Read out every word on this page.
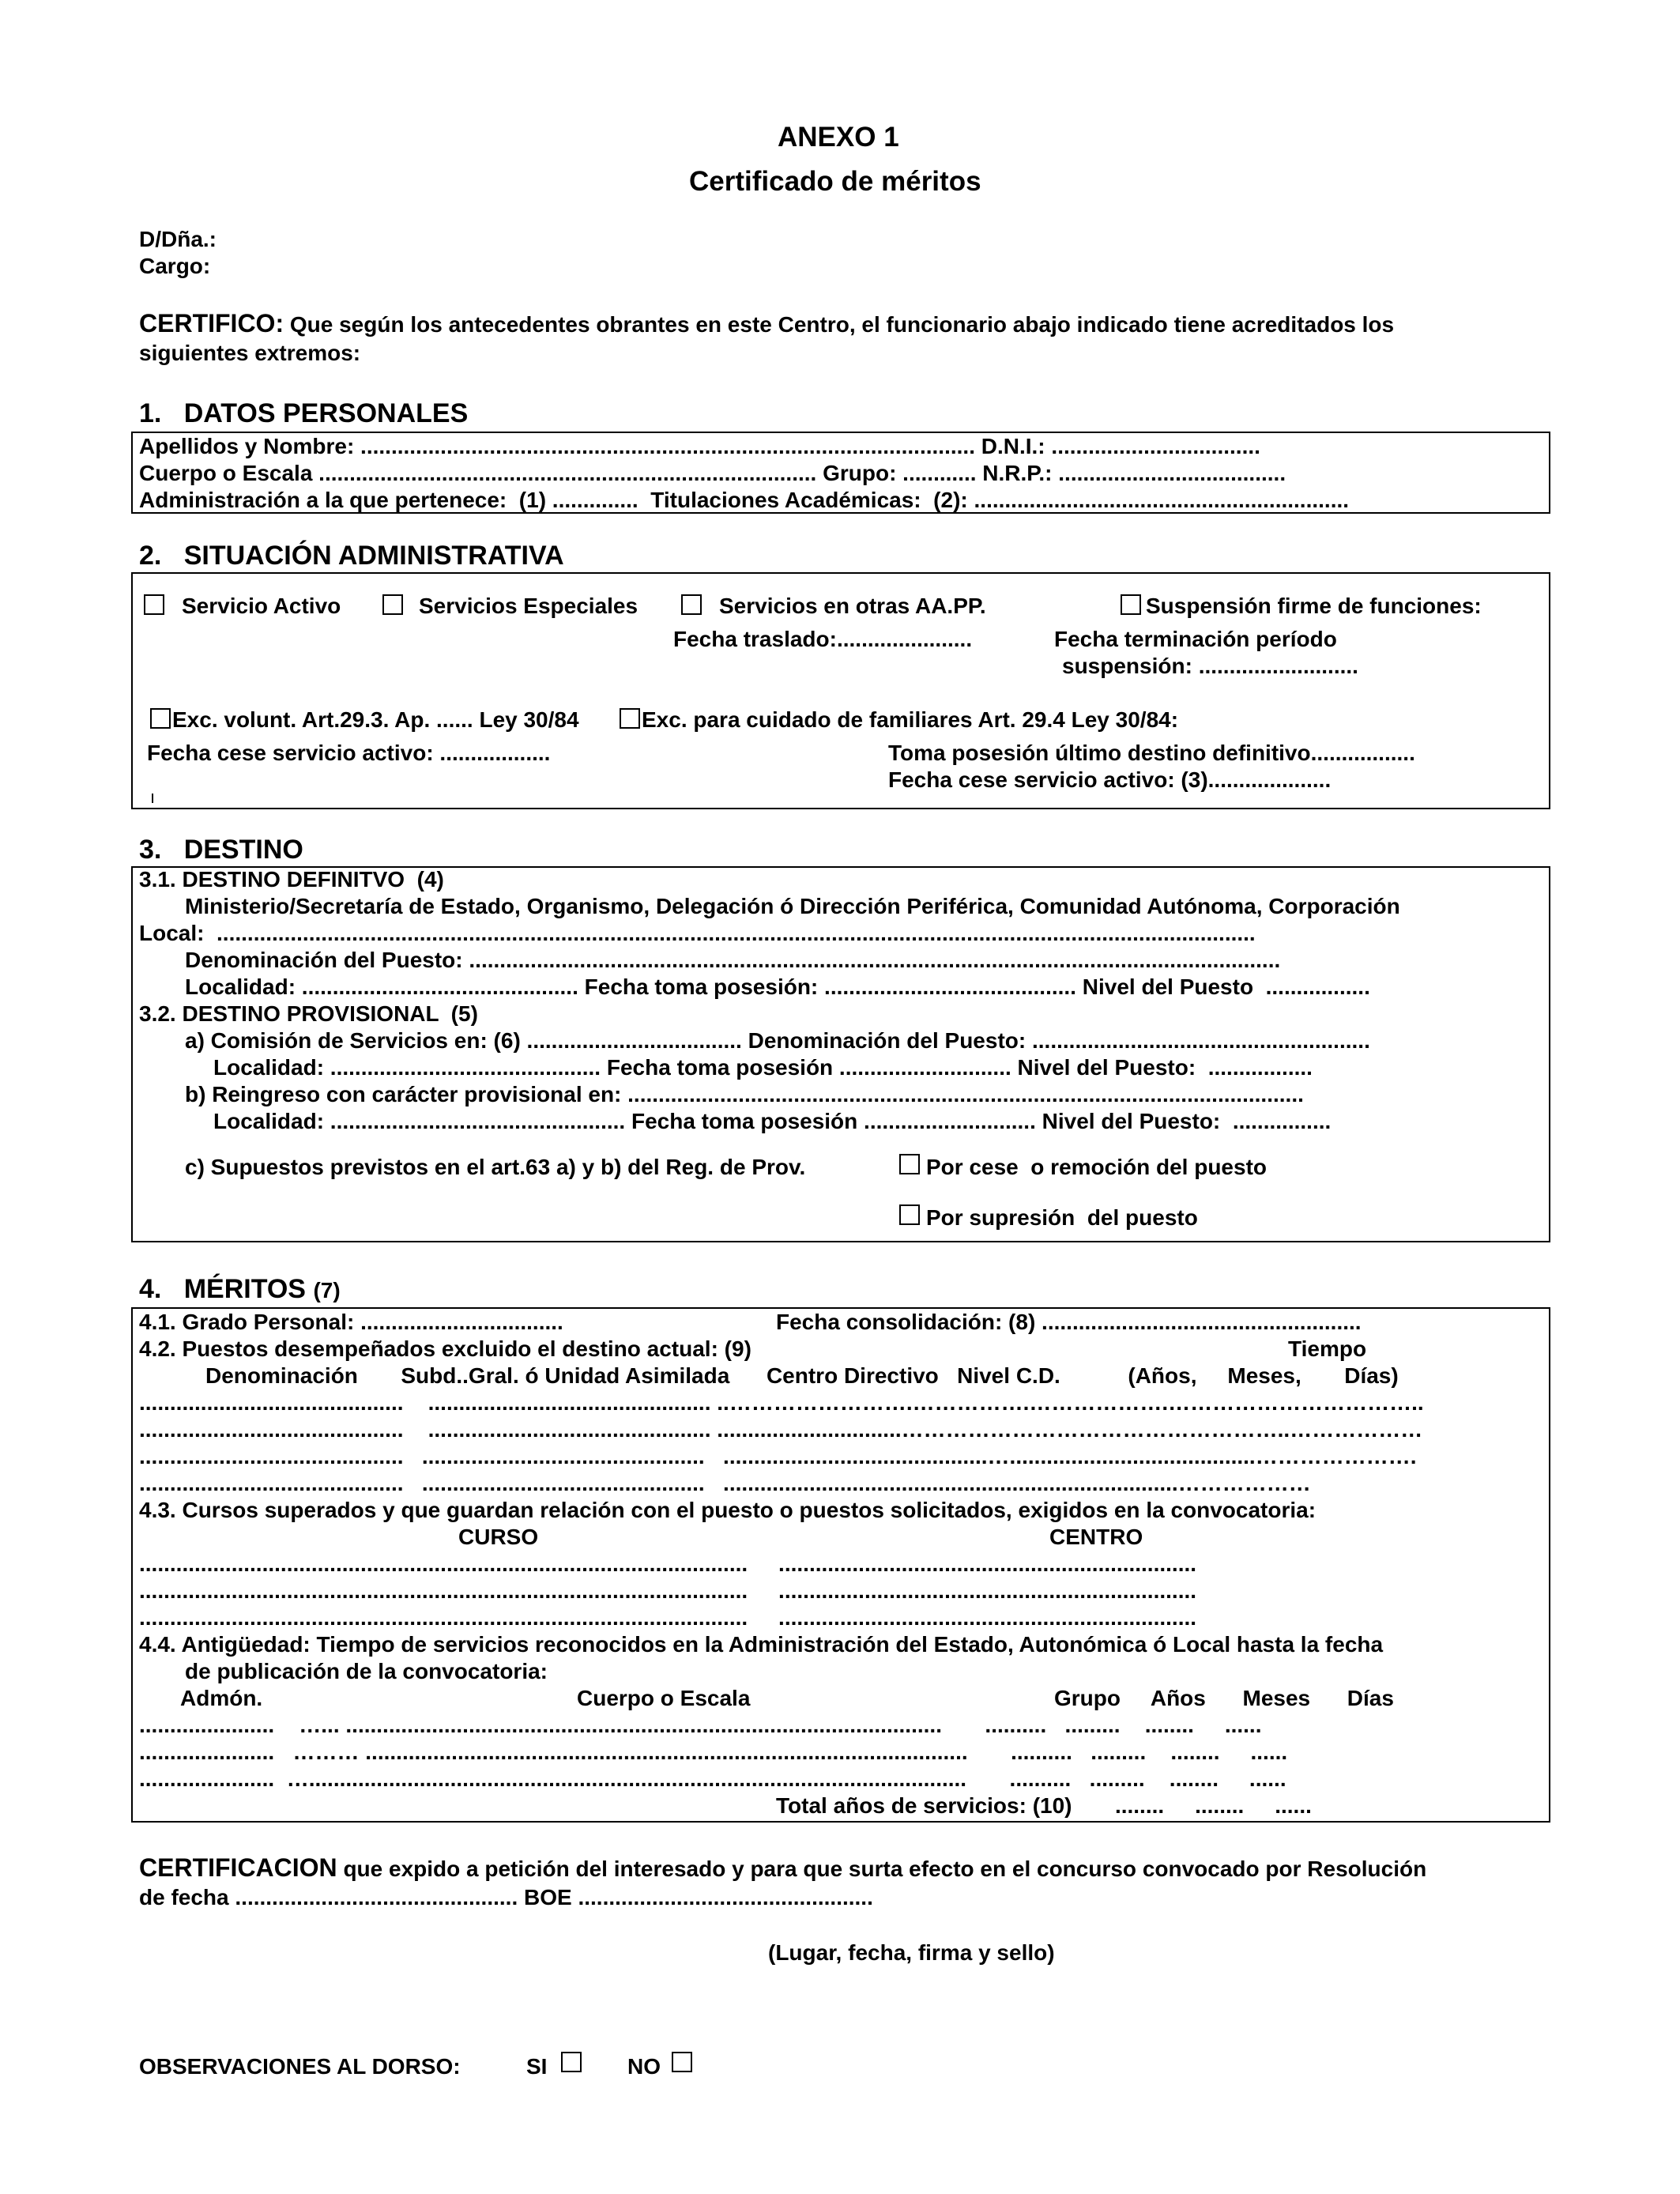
ANEXO 1
Certificado de méritos
D/Dña.:
Cargo:
CERTIFICO: Que según los antecedentes obrantes en este Centro, el funcionario abajo indicado tiene acreditados los
siguientes extremos:
1.   DATOS PERSONALES
Apellidos y Nombre: .................................................................................................... D.N.I.: ..................................
Cuerpo o Escala ................................................................................. Grupo: ............ N.R.P.: .....................................
Administración a la que pertenece:  (1) ..............  Titulaciones Académicas:  (2): .............................................................
2.   SITUACIÓN ADMINISTRATIVA
Servicio Activo	Servicios Especiales	Servicios en otras AA.PP.	Suspensión firme de funciones:
Fecha traslado:......................	Fecha terminación período
suspensión: ..........................
Exc. volunt. Art.29.3. Ap. ...... Ley 30/84	Exc. para cuidado de familiares Art. 29.4 Ley 30/84:
Fecha cese servicio activo: ..................	Toma posesión último destino definitivo.................
Fecha cese servicio activo: (3)....................
ı
3.   DESTINO
3.1. DESTINO DEFINITVO  (4)
Ministerio/Secretaría de Estado, Organismo, Delegación ó Dirección Periférica, Comunidad Autónoma, Corporación
Local:  .........................................................................................................................................................................
Denominación del Puesto: ....................................................................................................................................
Localidad: ............................................. Fecha toma posesión: ......................................... Nivel del Puesto  .................
3.2. DESTINO PROVISIONAL  (5)
a) Comisión de Servicios en: (6) ................................... Denominación del Puesto: .......................................................
Localidad: ............................................ Fecha toma posesión ............................ Nivel del Puesto:  .................
b) Reingreso con carácter provisional en: ..............................................................................................................
Localidad: ................................................ Fecha toma posesión ............................ Nivel del Puesto:  ................
c) Supuestos previstos en el art.63 a) y b) del Reg. de Prov.	Por cese  o remoción del puesto
Por supresión  del puesto
4.   MÉRITOS (7)
4.1. Grado Personal: .................................	Fecha consolidación: (8) ....................................................
4.2. Puestos desempeñados excluido el destino actual: (9)	Tiempo
Denominación       Subd..Gral. ó Unidad Asimilada      Centro Directivo   Nivel C.D.           (Años,     Meses,       Días)
...........................................    .............................................. ..…………………….…………….……………….……………………………..
...........................................    .............................................. ..............................……………………………………………..………………
...........................................   ..............................................   ...........................................…........................................………………….
...........................................   ..............................................   ..........................................................................………………
4.3. Cursos superados y que guardan relación con el puesto o puestos solicitados, exigidos en la convocatoria:
CURSO	CENTRO
...................................................................................................     ....................................................................
...................................................................................................     ....................................................................
...................................................................................................     ....................................................................
4.4. Antigüedad: Tiempo de servicios reconocidos en la Administración del Estado, Autonómica ó Local hasta la fecha
de publicación de la convocatoria:
Admón.	Cuerpo o Escala	Grupo     Años      Meses      Días
......................    …... .................................................................................................       ..........   .........    ........     ......
......................   ……… ..................................................................................................       ..........   .........    ........     ......
......................  …...........................................................................................................       ..........   .........    ........     ......
Total años de servicios: (10)       ........     ........     ......
CERTIFICACION que expido a petición del interesado y para que surta efecto en el concurso convocado por Resolución
de fecha .............................................. BOE ................................................
(Lugar, fecha, firma y sello)
OBSERVACIONES AL DORSO:	SI	NO
